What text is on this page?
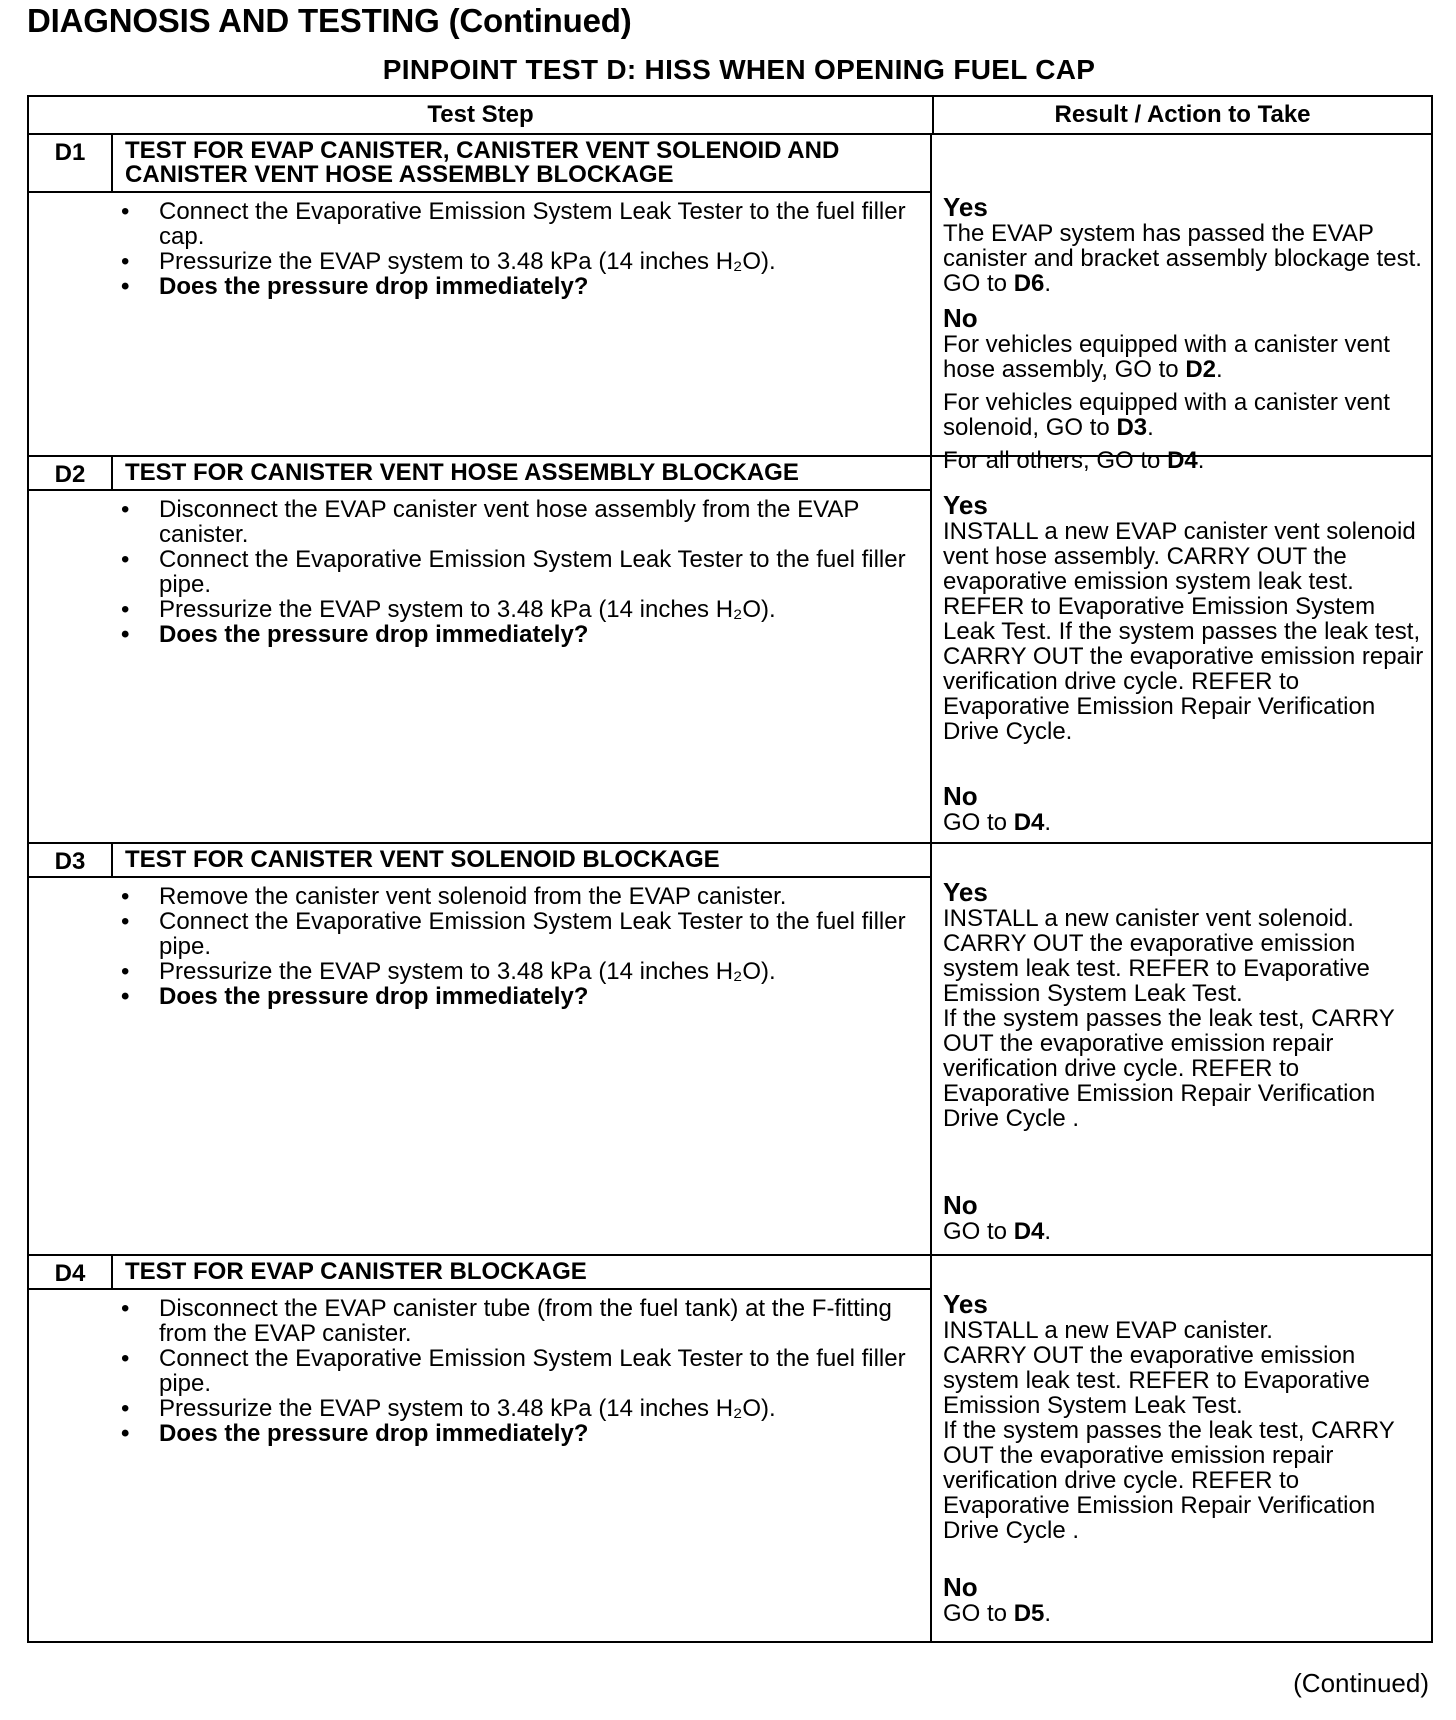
DIAGNOSIS AND TESTING (Continued)
PINPOINT TEST D: HISS WHEN OPENING FUEL CAP
Test Step	Result / Action to Take
D1	TEST FOR EVAP CANISTER, CANISTER VENT SOLENOID AND CANISTER VENT HOSE ASSEMBLY BLOCKAGE
• Connect the Evaporative Emission System Leak Tester to the fuel filler cap.
• Pressurize the EVAP system to 3.48 kPa (14 inches H₂O).
• Does the pressure drop immediately?
Yes
The EVAP system has passed the EVAP canister and bracket assembly blockage test. GO to D6.
No
For vehicles equipped with a canister vent hose assembly, GO to D2.
For vehicles equipped with a canister vent solenoid, GO to D3.
For all others, GO to D4.
D2	TEST FOR CANISTER VENT HOSE ASSEMBLY BLOCKAGE
• Disconnect the EVAP canister vent hose assembly from the EVAP canister.
• Connect the Evaporative Emission System Leak Tester to the fuel filler pipe.
• Pressurize the EVAP system to 3.48 kPa (14 inches H₂O).
• Does the pressure drop immediately?
Yes
INSTALL a new EVAP canister vent solenoid vent hose assembly. CARRY OUT the evaporative emission system leak test. REFER to Evaporative Emission System Leak Test. If the system passes the leak test, CARRY OUT the evaporative emission repair verification drive cycle. REFER to Evaporative Emission Repair Verification Drive Cycle.
No
GO to D4.
D3	TEST FOR CANISTER VENT SOLENOID BLOCKAGE
• Remove the canister vent solenoid from the EVAP canister.
• Connect the Evaporative Emission System Leak Tester to the fuel filler pipe.
• Pressurize the EVAP system to 3.48 kPa (14 inches H₂O).
• Does the pressure drop immediately?
Yes
INSTALL a new canister vent solenoid. CARRY OUT the evaporative emission system leak test. REFER to Evaporative Emission System Leak Test.
If the system passes the leak test, CARRY OUT the evaporative emission repair verification drive cycle. REFER to Evaporative Emission Repair Verification Drive Cycle .
No
GO to D4.
D4	TEST FOR EVAP CANISTER BLOCKAGE
• Disconnect the EVAP canister tube (from the fuel tank) at the F-fitting from the EVAP canister.
• Connect the Evaporative Emission System Leak Tester to the fuel filler pipe.
• Pressurize the EVAP system to 3.48 kPa (14 inches H₂O).
• Does the pressure drop immediately?
Yes
INSTALL a new EVAP canister.
CARRY OUT the evaporative emission system leak test. REFER to Evaporative Emission System Leak Test.
If the system passes the leak test, CARRY OUT the evaporative emission repair verification drive cycle. REFER to Evaporative Emission Repair Verification Drive Cycle .
No
GO to D5.
(Continued)
